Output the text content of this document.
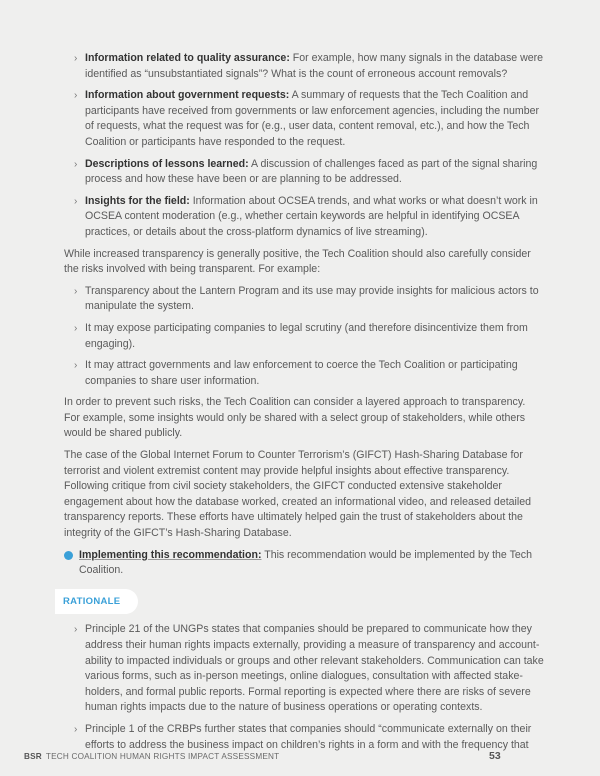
› Information related to quality assurance: For example, how many signals in the database were identified as “unsubstantiated signals”? What is the count of erroneous account removals?
› Information about government requests: A summary of requests that the Tech Coalition and participants have received from governments or law enforcement agencies, including the number of requests, what the request was for (e.g., user data, content removal, etc.), and how the Tech Coalition or participants have responded to the request.
› Descriptions of lessons learned: A discussion of challenges faced as part of the signal sharing process and how these have been or are planning to be addressed.
› Insights for the field: Information about OCSEA trends, and what works or what doesn’t work in OCSEA content moderation (e.g., whether certain keywords are helpful in identifying OCSEA practices, or details about the cross-platform dynamics of live streaming).

While increased transparency is generally positive, the Tech Coalition should also carefully consider the risks involved with being transparent. For example:

› Transparency about the Lantern Program and its use may provide insights for malicious actors to manipulate the system.
› It may expose participating companies to legal scrutiny (and therefore disincentivize them from engaging).
› It may attract governments and law enforcement to coerce the Tech Coalition or participating companies to share user information.

In order to prevent such risks, the Tech Coalition can consider a layered approach to transparency. For example, some insights would only be shared with a select group of stakeholders, while others would be shared publicly.

The case of the Global Internet Forum to Counter Terrorism’s (GIFCT) Hash-Sharing Database for terrorist and violent extremist content may provide helpful insights about effective transparency. Following critique from civil society stakeholders, the GIFCT conducted extensive stakeholder engagement about how the database worked, created an informational video, and released detailed transparency reports. These efforts have ultimately helped gain the trust of stakeholders about the integrity of the GIFCT’s Hash-Sharing Database.

Implementing this recommendation: This recommendation would be implemented by the Tech Coalition.
RATIONALE
› Principle 21 of the UNGPs states that companies should be prepared to communicate how they address their human rights impacts externally, providing a measure of transparency and account-ability to impacted individuals or groups and other relevant stakeholders. Communication can take various forms, such as in-person meetings, online dialogues, consultation with affected stake-holders, and formal public reports. Formal reporting is expected where there are risks of severe human rights impacts due to the nature of business operations or operating contexts.
› Principle 1 of the CRBPs further states that companies should “communicate externally on their efforts to address the business impact on children’s rights in a form and with the frequency that
BSR TECH COALITION HUMAN RIGHTS IMPACT ASSESSMENT	53
